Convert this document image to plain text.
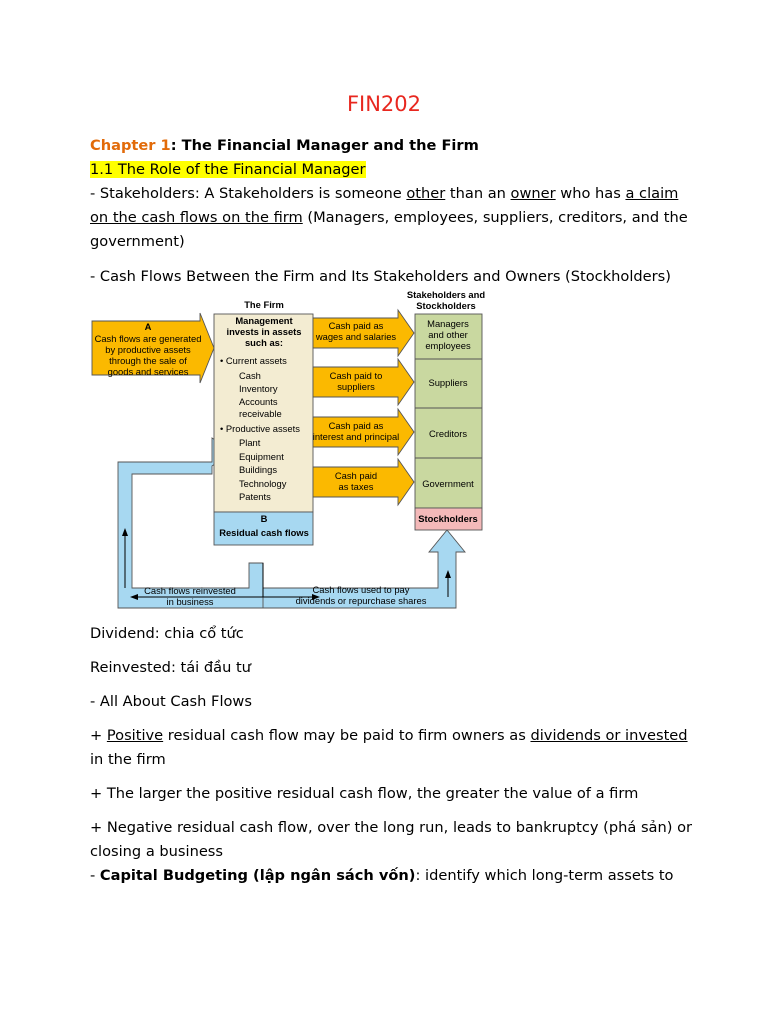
FIN202
Chapter 1: The Financial Manager and the Firm
1.1 The Role of the Financial Manager
- Stakeholders: A Stakeholders is someone other than an owner who has a claim
on the cash flows on the firm (Managers, employees, suppliers, creditors, and the
government)
- Cash Flows Between the Firm and Its Stakeholders and Owners (Stockholders)
The Firm
Stakeholders and
Stockholders
Cash flows reinvested
in business
Cash flows used to pay
dividends or repurchase shares
A
Cash flows are generated
by productive assets
through the sale of
goods and services
Management
invests in assets
such as:
• Current assets
Cash
Inventory
Accounts
receivable
• Productive assets
Plant
Equipment
Buildings
Technology
Patents
B
Residual cash flows
Cash paid as
wages and salaries
Cash paid to
suppliers
Cash paid as
interest and principal
Cash paid
as taxes
Managers
and other
employees
Suppliers
Creditors
Government
Stockholders
Dividend: chia cổ tức
Reinvested: tái đầu tư
- All About Cash Flows
+ Positive residual cash flow may be paid to firm owners as dividends or invested
in the firm
+ The larger the positive residual cash flow, the greater the value of a firm
+ Negative residual cash flow, over the long run, leads to bankruptcy (phá sản) or
closing a business
- Capital Budgeting (lập ngân sách vốn): identify which long-term assets to
